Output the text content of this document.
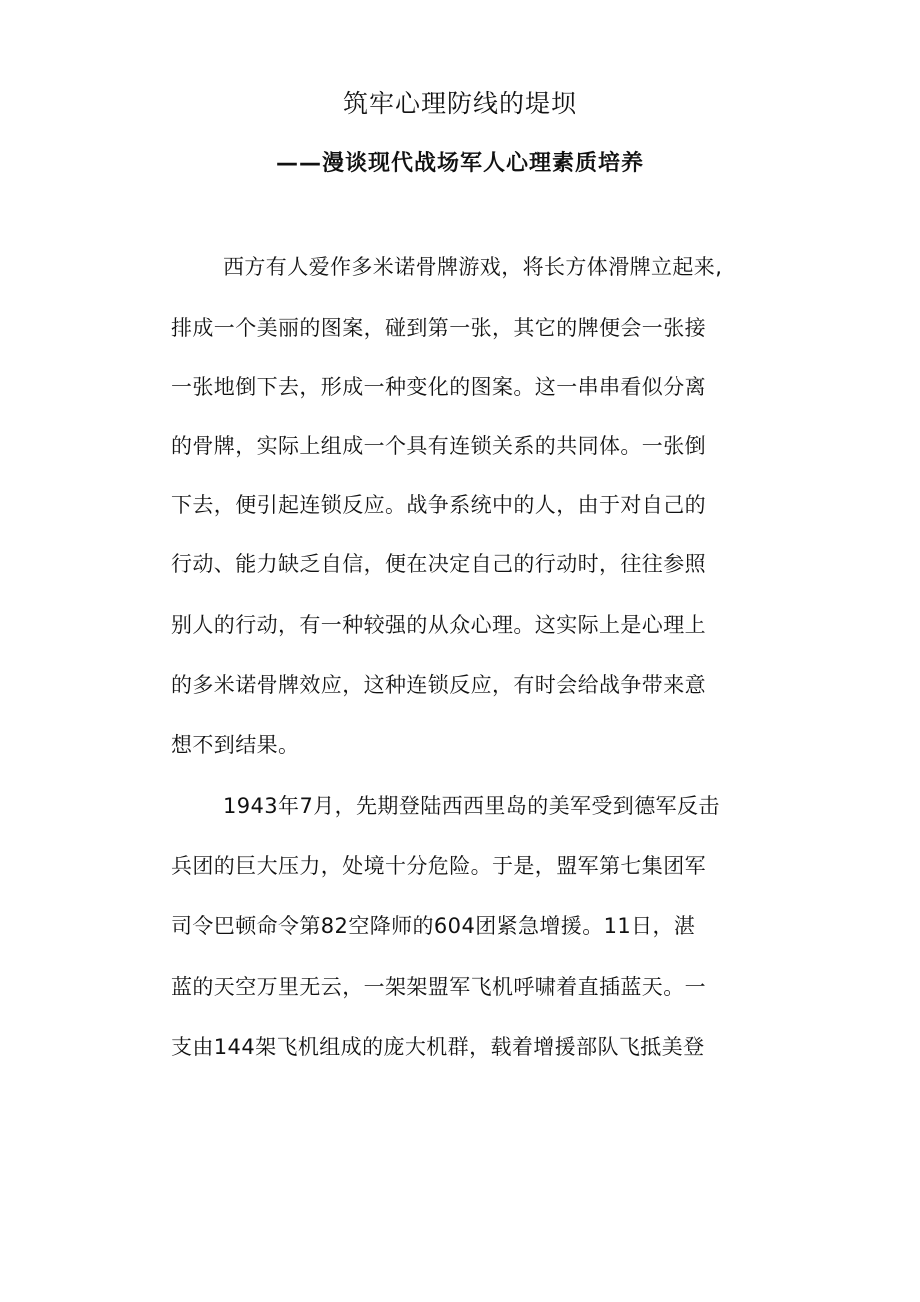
筑牢心理防线的堤坝
——漫谈现代战场军人心理素质培养

西方有人爱作多米诺骨牌游戏，将长方体滑牌立起来,

排成一个美丽的图案，碰到第一张，其它的牌便会一张接

一张地倒下去，形成一种变化的图案。这一串串看似分离

的骨牌，实际上组成一个具有连锁关系的共同体。一张倒

下去，便引起连锁反应。战争系统中的人，由于对自己的

行动、能力缺乏自信，便在决定自己的行动时，往往参照

别人的行动，有一种较强的从众心理。这实际上是心理上

的多米诺骨牌效应，这种连锁反应，有时会给战争带来意

想不到结果。

1943年7月，先期登陆西西里岛的美军受到德军反击

兵团的巨大压力，处境十分危险。于是，盟军第七集团军

司令巴顿命令第82空降师的604团紧急增援。11日，湛

蓝的天空万里无云，一架架盟军飞机呼啸着直插蓝天。一

支由144架飞机组成的庞大机群，载着增援部队飞抵美登
